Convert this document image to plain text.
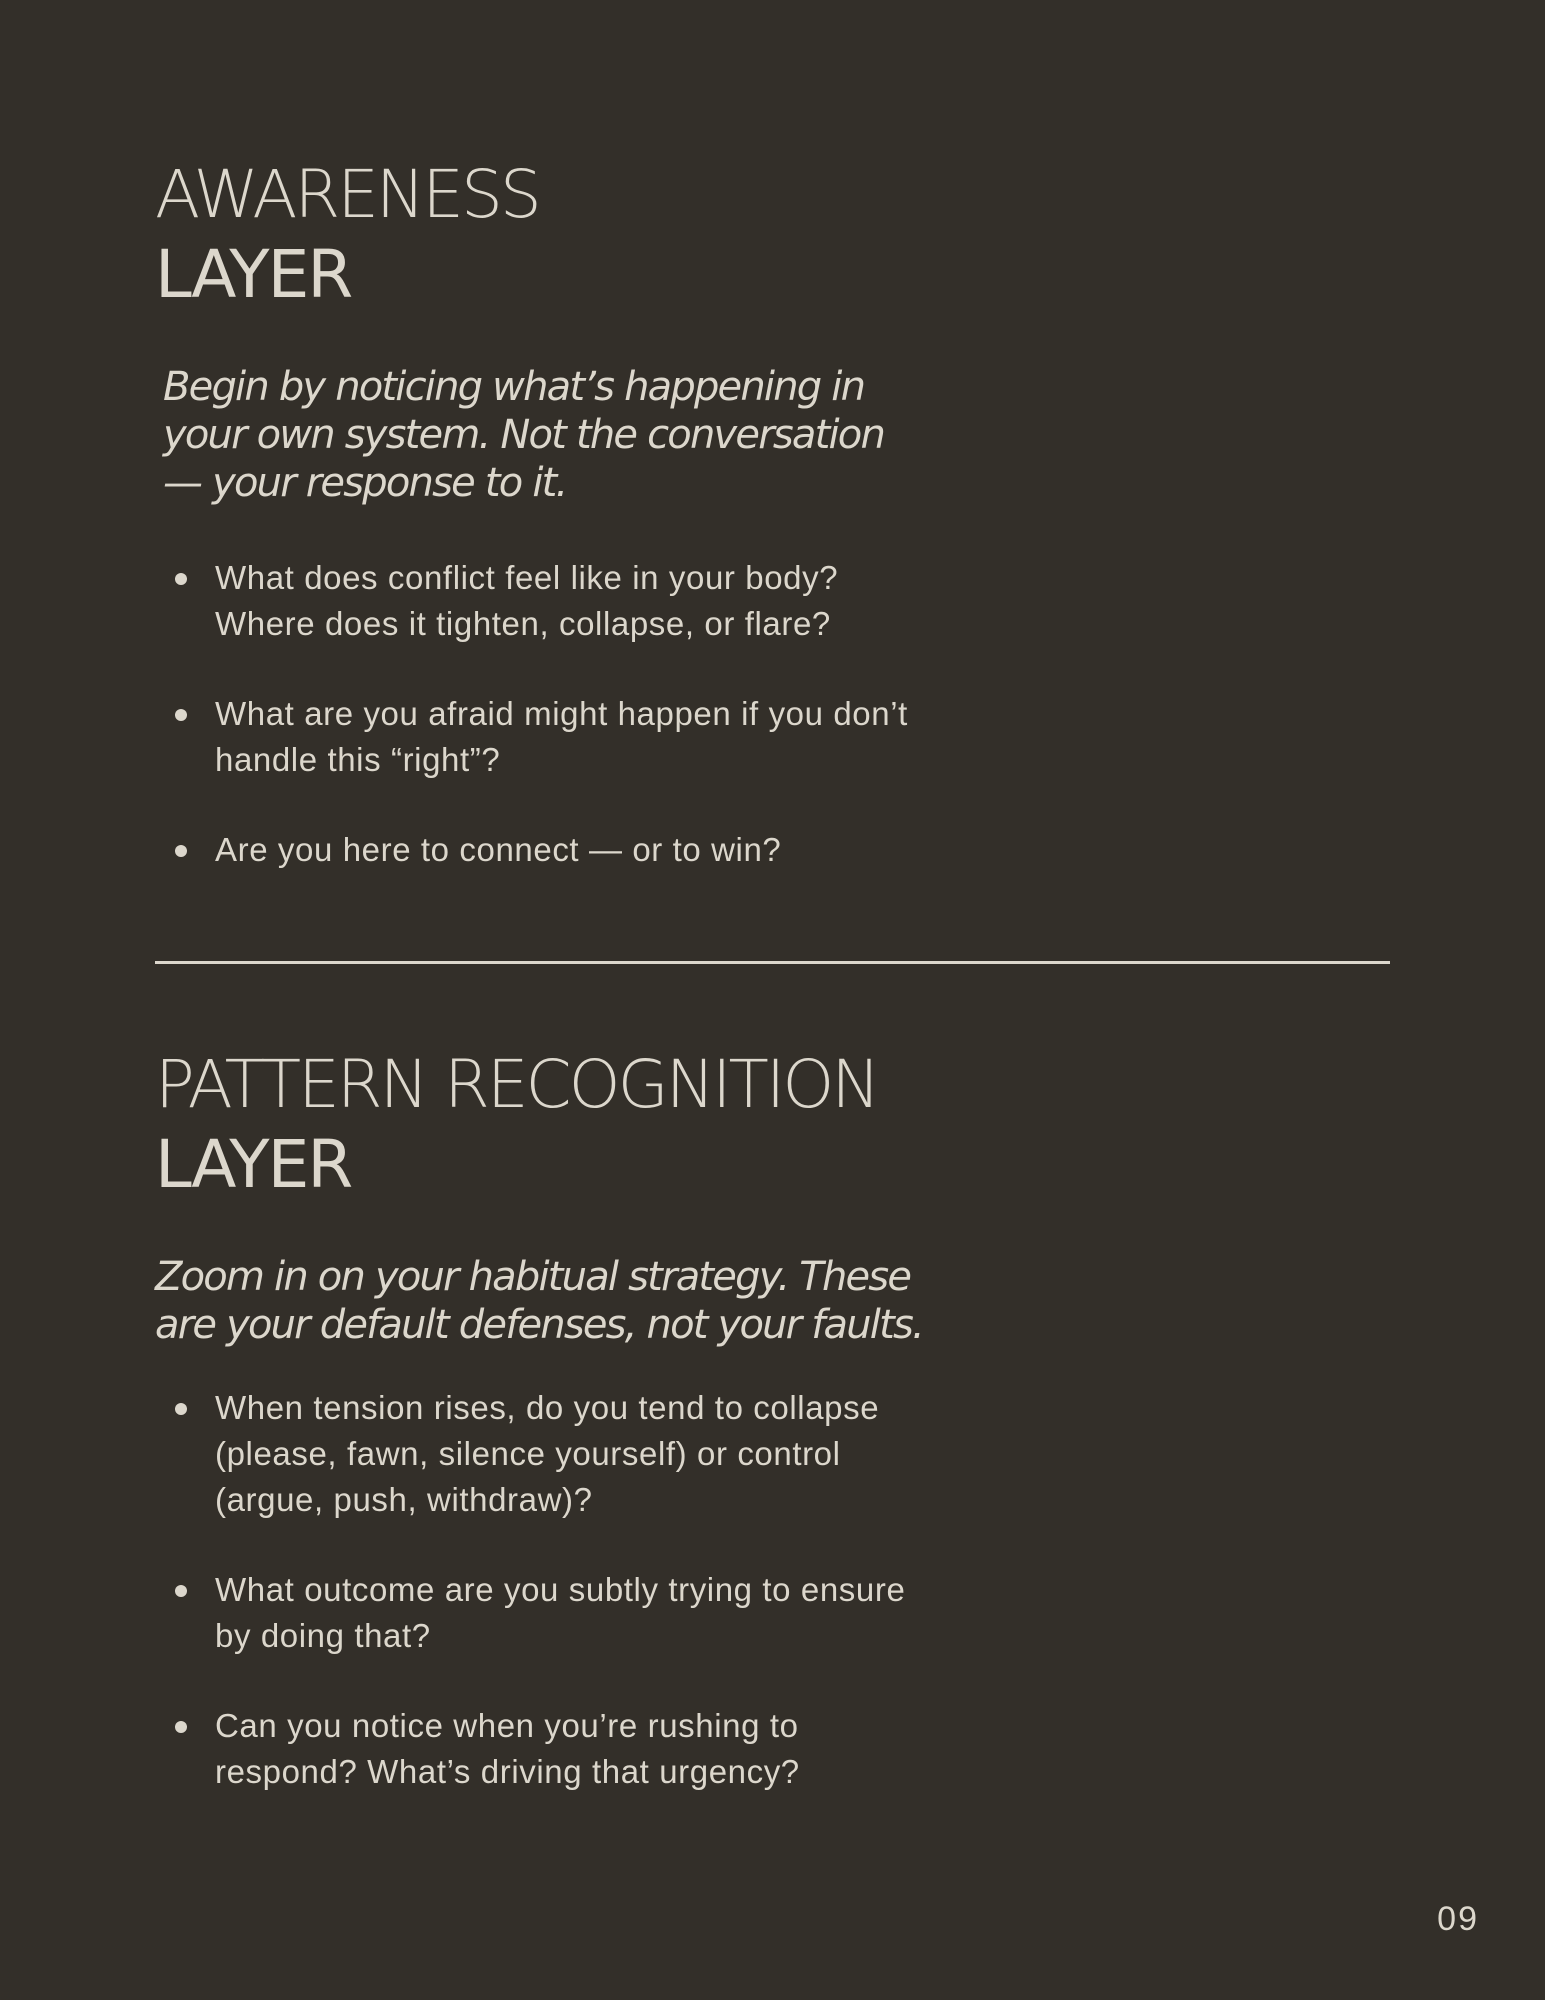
AWARENESS
LAYER

Begin by noticing what’s happening in your own system. Not the conversation — your response to it.

What does conflict feel like in your body? Where does it tighten, collapse, or flare?
What are you afraid might happen if you don’t handle this “right”?
Are you here to connect — or to win?
PATTERN RECOGNITION
LAYER

Zoom in on your habitual strategy. These are your default defenses, not your faults.

When tension rises, do you tend to collapse (please, fawn, silence yourself) or control (argue, push, withdraw)?
What outcome are you subtly trying to ensure by doing that?
Can you notice when you’re rushing to respond? What’s driving that urgency?
09
